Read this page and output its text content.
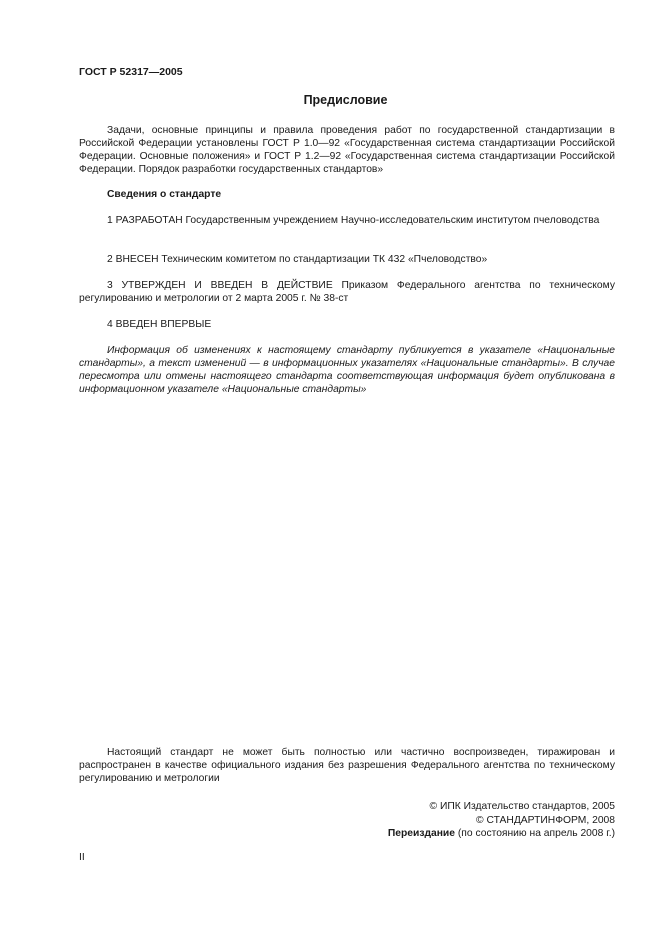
ГОСТ Р 52317—2005
Предисловие
Задачи, основные принципы и правила проведения работ по государственной стандартизации в Российской Федерации установлены ГОСТ Р 1.0—92 «Государственная система стандартизации Российской Федерации. Основные положения» и ГОСТ Р 1.2—92 «Государственная система стандартизации Российской Федерации. Порядок разработки государственных стандартов»
Сведения о стандарте
1 РАЗРАБОТАН Государственным учреждением Научно-исследовательским институтом пчеловодства
2 ВНЕСЕН Техническим комитетом по стандартизации ТК 432 «Пчеловодство»
3 УТВЕРЖДЕН И ВВЕДЕН В ДЕЙСТВИЕ Приказом Федерального агентства по техническому регулированию и метрологии от 2 марта 2005 г. № 38-ст
4 ВВЕДЕН ВПЕРВЫЕ
Информация об изменениях к настоящему стандарту публикуется в указателе «Национальные стандарты», а текст изменений — в информационных указателях «Национальные стандарты». В случае пересмотра или отмены настоящего стандарта соответствующая информация будет опубликована в информационном указателе «Национальные стандарты»
Настоящий стандарт не может быть полностью или частично воспроизведен, тиражирован и распространен в качестве официального издания без разрешения Федерального агентства по техническому регулированию и метрологии
© ИПК Издательство стандартов, 2005
© СТАНДАРТИНФОРМ, 2008
Переиздание (по состоянию на апрель 2008 г.)
II
